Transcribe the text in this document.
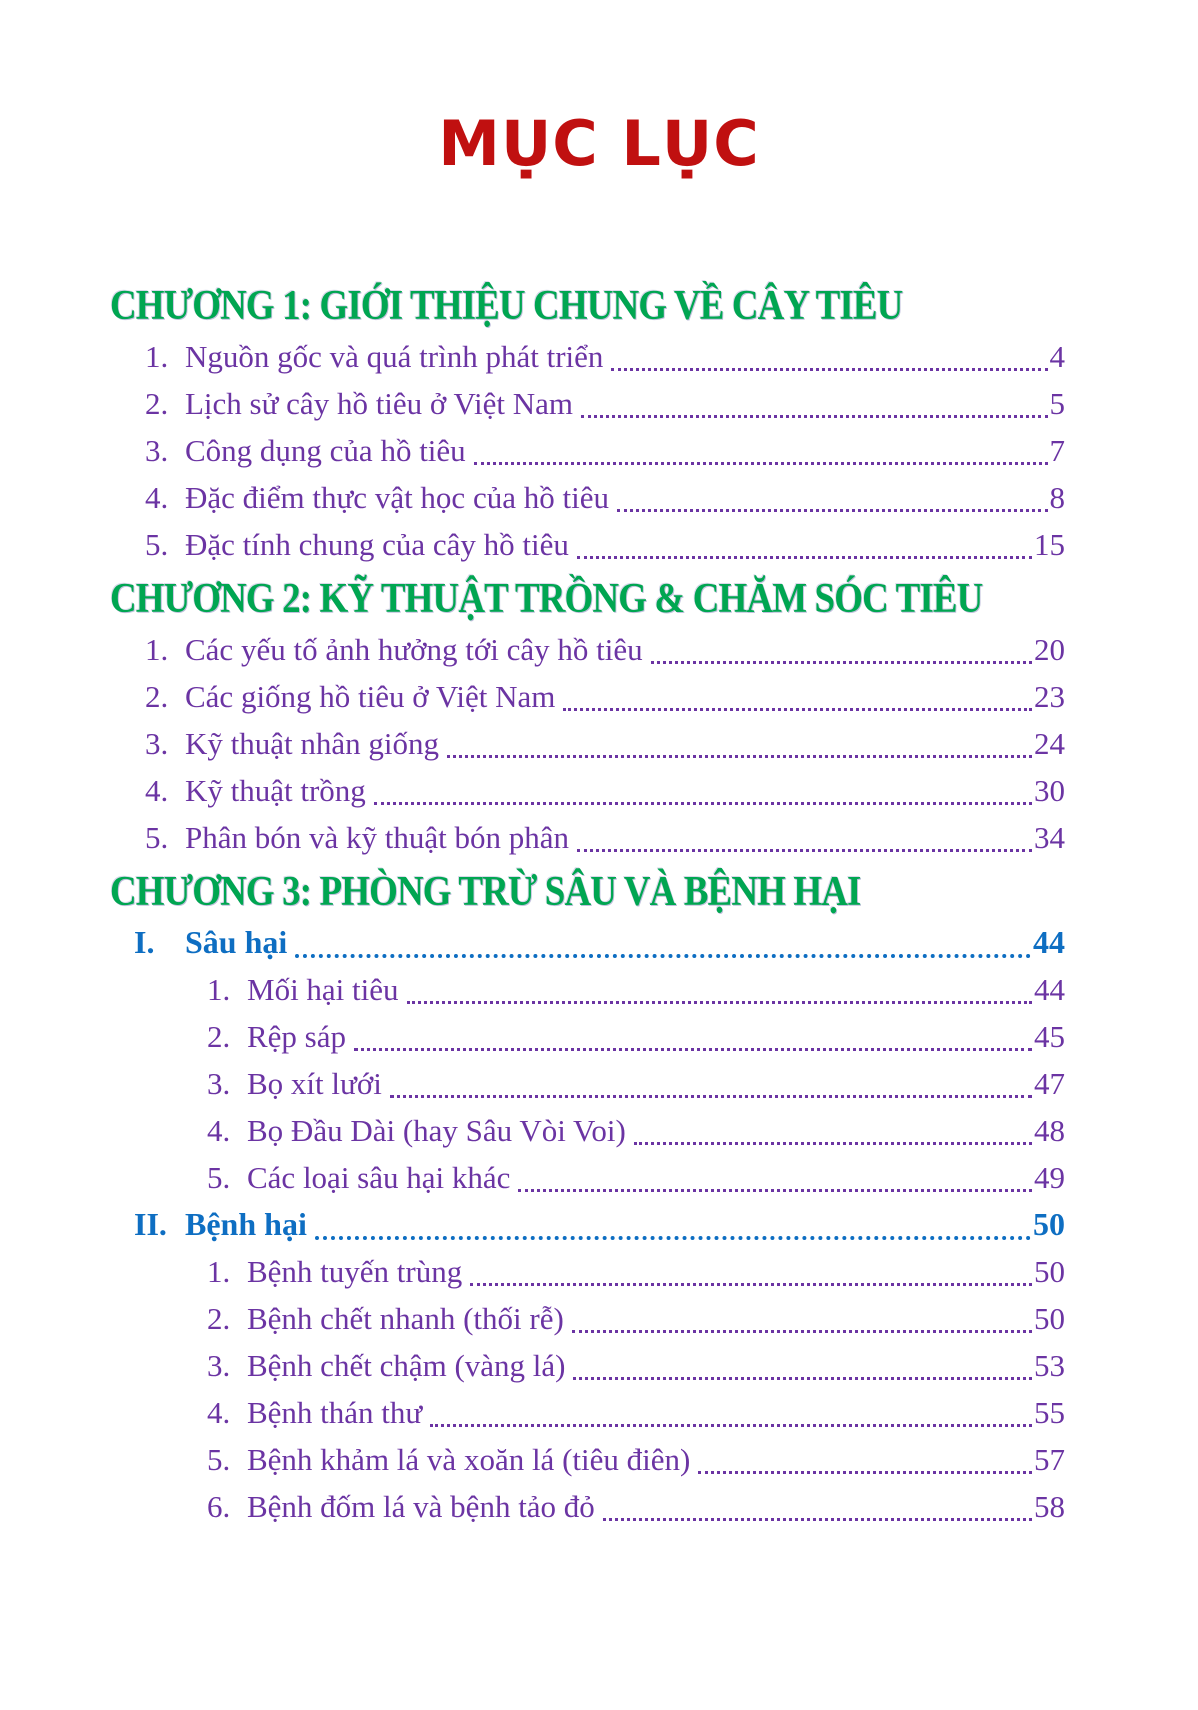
MỤC LỤC
CHƯƠNG 1: GIỚI THIỆU CHUNG VỀ CÂY TIÊU
1. Nguồn gốc và quá trình phát triển	4
2. Lịch sử cây hồ tiêu ở Việt Nam	5
3. Công dụng của hồ tiêu	7
4. Đặc điểm thực vật học của hồ tiêu	8
5. Đặc tính chung của cây hồ tiêu	15
CHƯƠNG 2: KỸ THUẬT TRỒNG & CHĂM SÓC TIÊU
1. Các yếu tố ảnh hưởng tới cây hồ tiêu	20
2. Các giống hồ tiêu ở Việt Nam	23
3. Kỹ thuật nhân giống	24
4. Kỹ thuật trồng	30
5. Phân bón và kỹ thuật bón phân	34
CHƯƠNG 3: PHÒNG TRỪ SÂU VÀ BỆNH HẠI
I. Sâu hại	44
1. Mối hại tiêu	44
2. Rệp sáp	45
3. Bọ xít lưới	47
4. Bọ Đầu Dài (hay Sâu Vòi Voi)	48
5. Các loại sâu hại khác	49
II. Bệnh hại	50
1. Bệnh tuyến trùng	50
2. Bệnh chết nhanh (thối rễ)	50
3. Bệnh chết chậm (vàng lá)	53
4. Bệnh thán thư	55
5. Bệnh khảm lá và xoăn lá (tiêu điên)	57
6. Bệnh đốm lá và bệnh tảo đỏ	58
